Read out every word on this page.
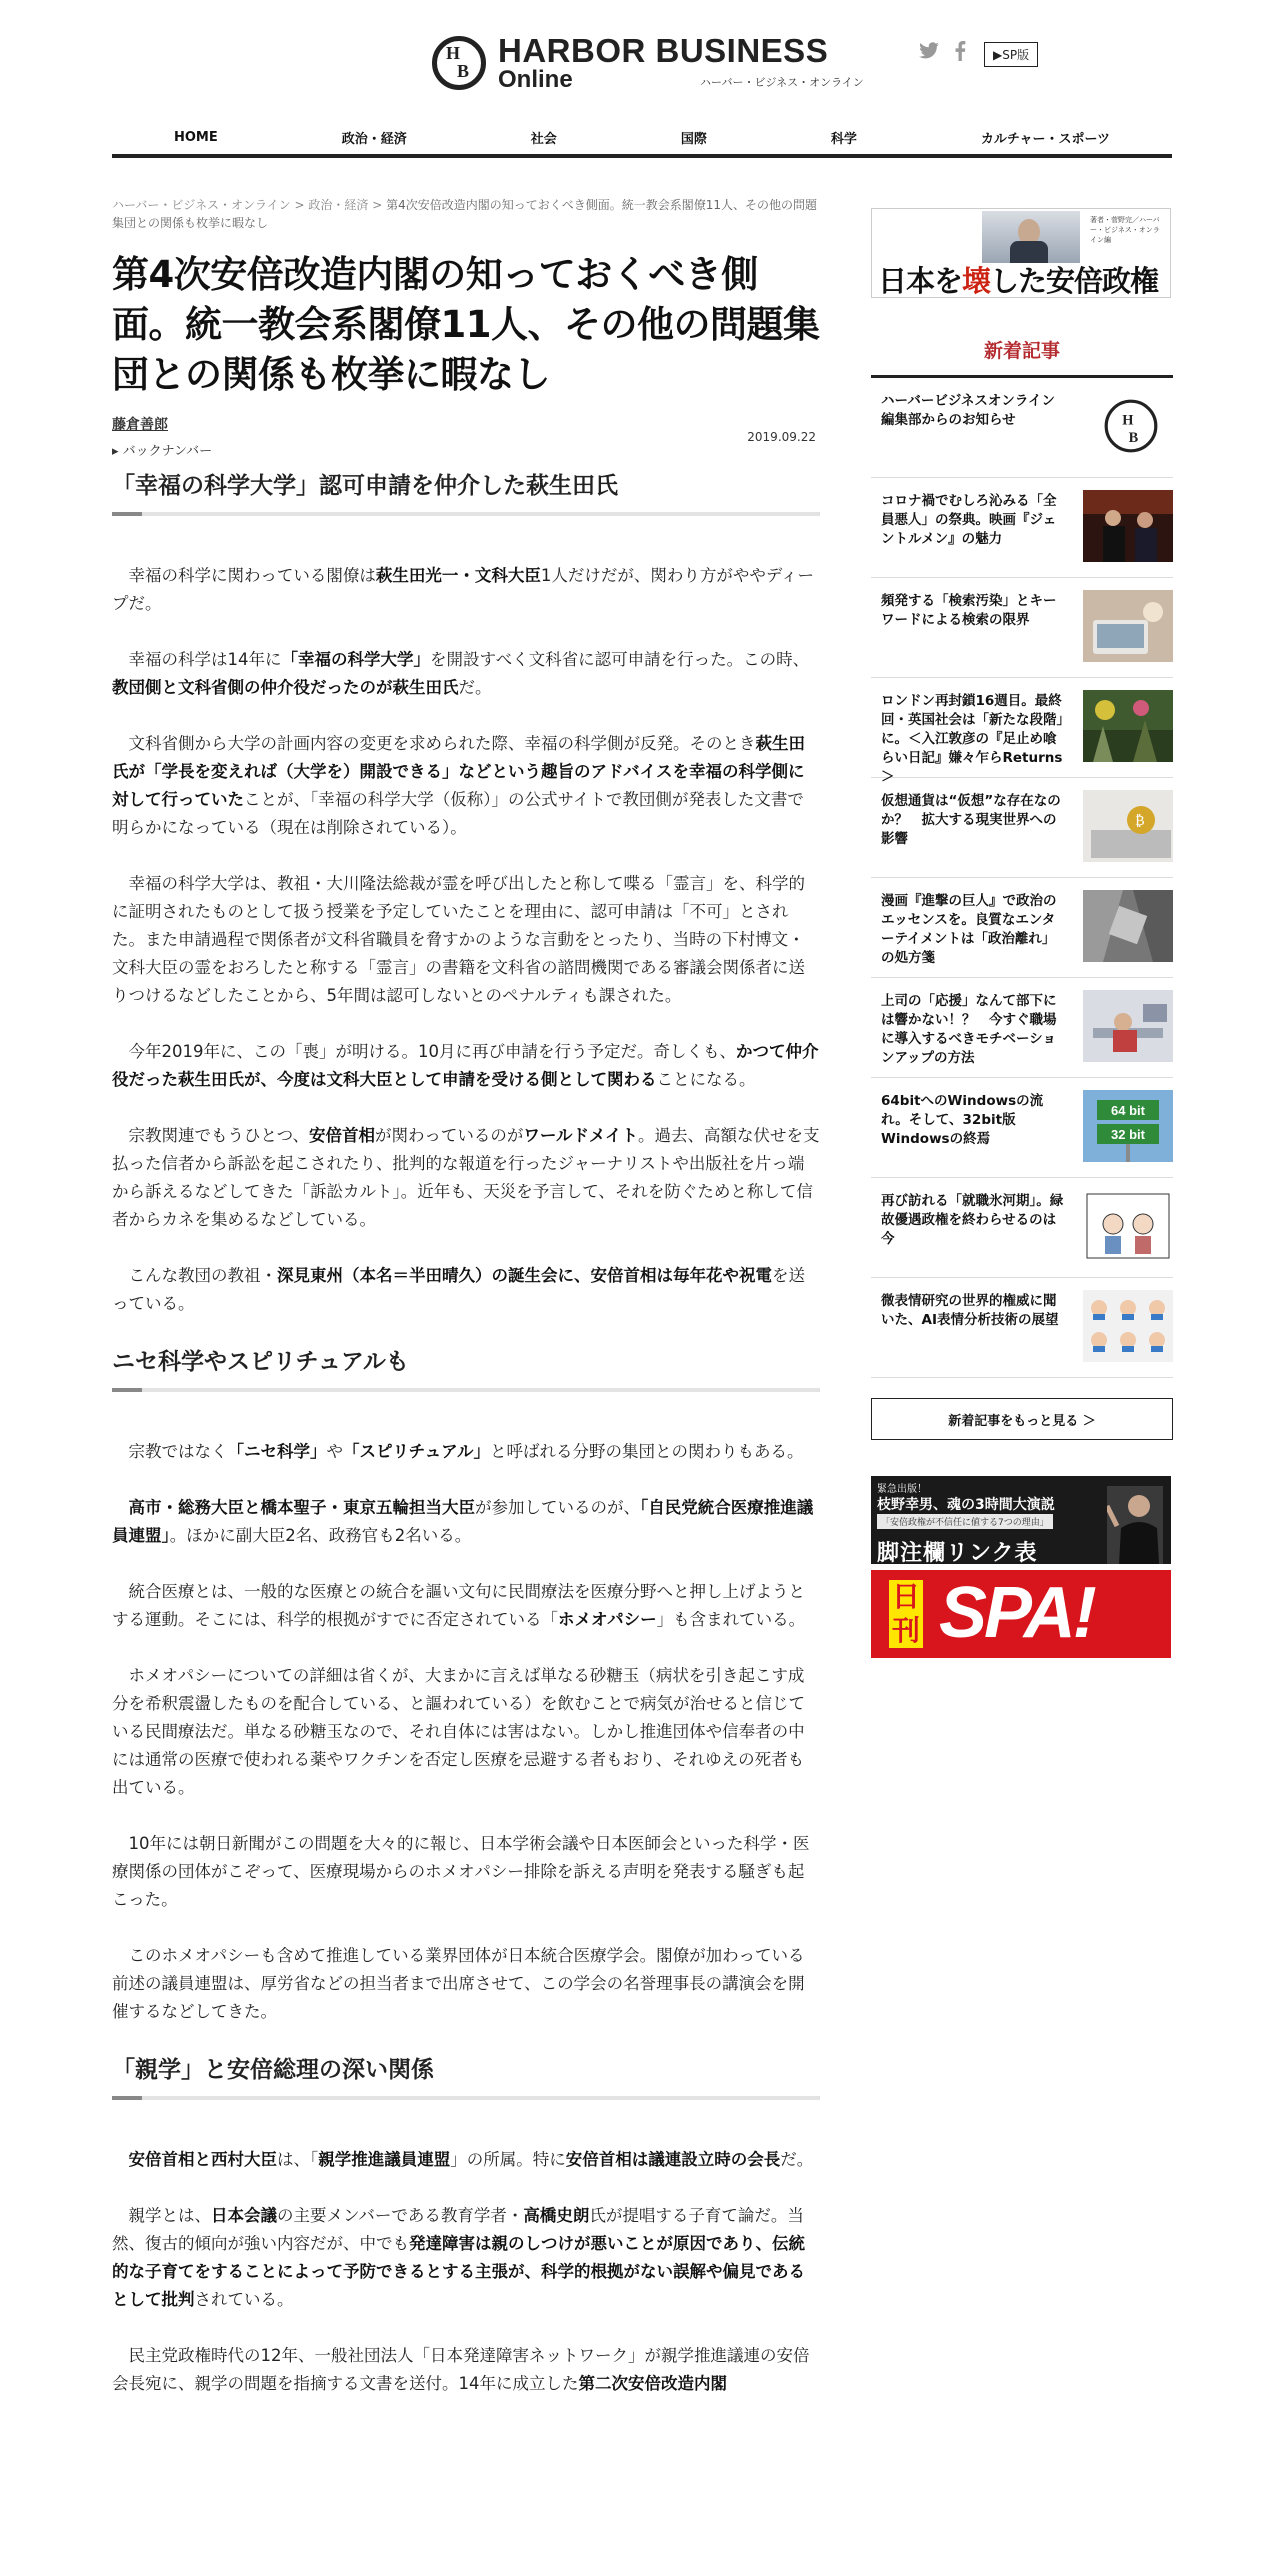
H B
HARBOR BUSINESS
Online	ハーバー・ビジネス・オンライン
▶SP版
HOME	政治・経済	社会	国際	科学	カルチャー・スポーツ
ハーバー・ビジネス・オンライン > 政治・経済 > 第4次安倍改造内閣の知っておくべき側面。統一教会系閣僚11人、その他の問題集団との関係も枚挙に暇なし
第4次安倍改造内閣の知っておくべき側面。統一教会系閣僚11人、その他の問題集団との関係も枚挙に暇なし
藤倉善郎
▸ バックナンバー
2019.09.22
「幸福の科学大学」認可申請を仲介した萩生田氏

幸福の科学に関わっている閣僚は萩生田光一・文科大臣1人だけだが、関わり方がややディープだ。

幸福の科学は14年に「幸福の科学大学」を開設すべく文科省に認可申請を行った。この時、教団側と文科省側の仲介役だったのが萩生田氏だ。

文科省側から大学の計画内容の変更を求められた際、幸福の科学側が反発。そのとき萩生田氏が「学長を変えれば（大学を）開設できる」などという趣旨のアドバイスを幸福の科学側に対して行っていたことが、「幸福の科学大学（仮称）」の公式サイトで教団側が発表した文書で明らかになっている（現在は削除されている）。

幸福の科学大学は、教祖・大川隆法総裁が霊を呼び出したと称して喋る「霊言」を、科学的に証明されたものとして扱う授業を予定していたことを理由に、認可申請は「不可」とされた。また申請過程で関係者が文科省職員を脅すかのような言動をとったり、当時の下村博文・文科大臣の霊をおろしたと称する「霊言」の書籍を文科省の諮問機関である審議会関係者に送りつけるなどしたことから、5年間は認可しないとのペナルティも課された。

今年2019年に、この「喪」が明ける。10月に再び申請を行う予定だ。奇しくも、かつて仲介役だった萩生田氏が、今度は文科大臣として申請を受ける側として関わることになる。

宗教関連でもうひとつ、安倍首相が関わっているのがワールドメイト。過去、高額な伏せを支払った信者から訴訟を起こされたり、批判的な報道を行ったジャーナリストや出版社を片っ端から訴えるなどしてきた「訴訟カルト」。近年も、天災を予言して、それを防ぐためと称して信者からカネを集めるなどしている。

こんな教団の教祖・深見東州（本名＝半田晴久）の誕生会に、安倍首相は毎年花や祝電を送っている。

ニセ科学やスピリチュアルも

宗教ではなく「ニセ科学」や「スピリチュアル」と呼ばれる分野の集団との関わりもある。

高市・総務大臣と橋本聖子・東京五輪担当大臣が参加しているのが、「自民党統合医療推進議員連盟」。ほかに副大臣2名、政務官も2名いる。

統合医療とは、一般的な医療との統合を謳い文句に民間療法を医療分野へと押し上げようとする運動。そこには、科学的根拠がすでに否定されている「ホメオパシー」も含まれている。

ホメオパシーについての詳細は省くが、大まかに言えば単なる砂糖玉（病状を引き起こす成分を希釈震盪したものを配合している、と謳われている）を飲むことで病気が治せると信じている民間療法だ。単なる砂糖玉なので、それ自体には害はない。しかし推進団体や信奉者の中には通常の医療で使われる薬やワクチンを否定し医療を忌避する者もおり、それゆえの死者も出ている。

10年には朝日新聞がこの問題を大々的に報じ、日本学術会議や日本医師会といった科学・医療関係の団体がこぞって、医療現場からのホメオパシー排除を訴える声明を発表する騒ぎも起こった。

このホメオパシーも含めて推進している業界団体が日本統合医療学会。閣僚が加わっている前述の議員連盟は、厚労省などの担当者まで出席させて、この学会の名誉理事長の講演会を開催するなどしてきた。

「親学」と安倍総理の深い関係

安倍首相と西村大臣は、「親学推進議員連盟」の所属。特に安倍首相は議連設立時の会長だ。

親学とは、日本会議の主要メンバーである教育学者・高橋史朗氏が提唱する子育て論だ。当然、復古的傾向が強い内容だが、中でも発達障害は親のしつけが悪いことが原因であり、伝統的な子育てをすることによって予防できるとする主張が、科学的根拠がない誤解や偏見であるとして批判されている。

民主党政権時代の12年、一般社団法人「日本発達障害ネットワーク」が親学推進議連の安倍会長宛に、親学の問題を指摘する文書を送付。14年に成立した第二次安倍改造内閣

著者・菅野完／ハーバー・ビジネス・オンライン編
日本を壊した安倍政権
新着記事
ハーバービジネスオンライン編集部からのお知らせ	H
B
コロナ禍でむしろ沁みる「全員悪人」の祭典。映画『ジェントルメン』の魅力
頻発する「検索汚染」とキーワードによる検索の限界
ロンドン再封鎖16週目。最終回・英国社会は「新たな段階」に。＜入江敦彦の『足止め喰らい日記』嫌々乍らReturns＞
仮想通貨は“仮想”な存在なのか？　拡大する現実世界への影響
₿
漫画『進撃の巨人』で政治のエッセンスを。良質なエンターテイメントは「政治離れ」の処方箋
上司の「応援」なんて部下には響かない！？　今すぐ職場に導入するべきモチベーションアップの方法
64bitへのWindowsの流れ。そして、32bit版Windowsの終焉
64 bit
32 bit
再び訪れる「就職氷河期」。緑故優遇政権を終わらせるのは今
微表情研究の世界的権威に聞いた、AI表情分析技術の展望
新着記事をもっと見る ＞
緊急出版！
枝野幸男、魂の3時間大演説
「安倍政権が不信任に値する7つの理由」
脚注欄リンク表
日刊 SPA!
